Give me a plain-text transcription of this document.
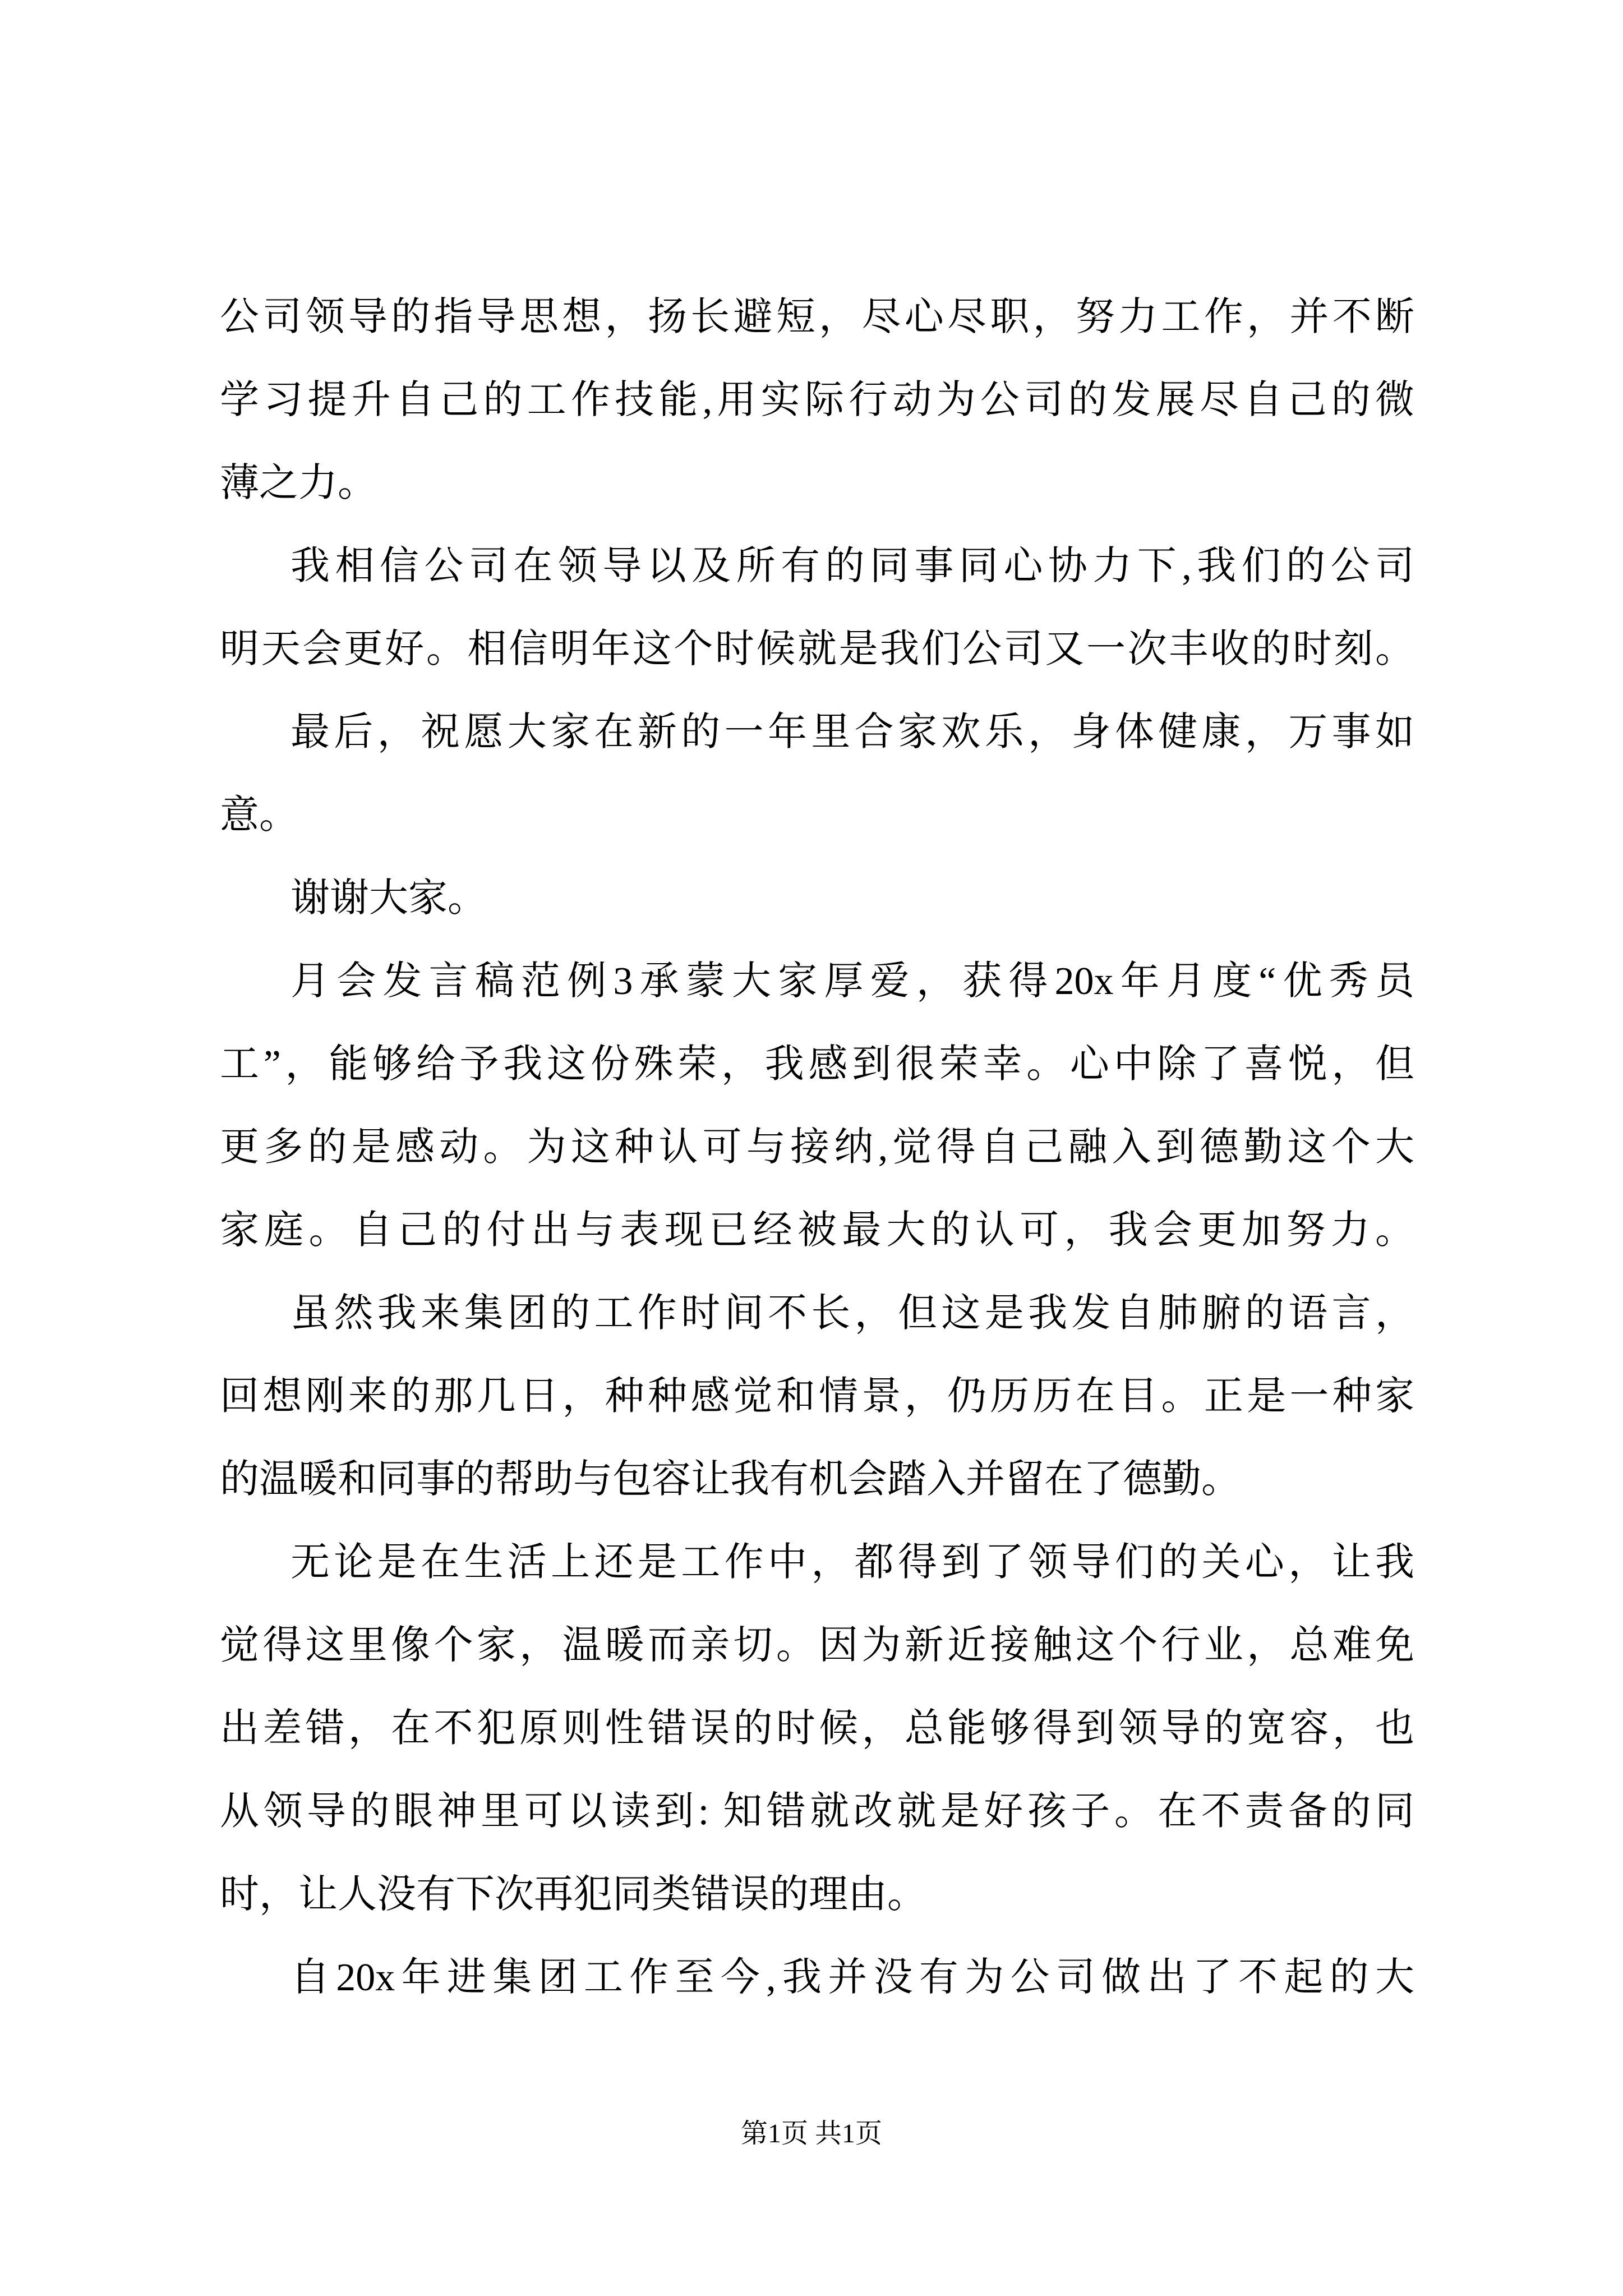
公司领导的指导思想，扬长避短，尽心尽职，努力工作，并不断
学习提升自己的工作技能,用实际行动为公司的发展尽自己的微
薄之力。
我相信公司在领导以及所有的同事同心协力下,我们的公司
明天会更好。相信明年这个时候就是我们公司又一次丰收的时刻。
最后，祝愿大家在新的一年里合家欢乐，身体健康，万事如
意。
谢谢大家。
月会发言稿范例3承蒙大家厚爱，获得20x年月度“优秀员
工”，能够给予我这份殊荣，我感到很荣幸。心中除了喜悦，但
更多的是感动。为这种认可与接纳,觉得自己融入到德勤这个大
家庭。自己的付出与表现已经被最大的认可，我会更加努力。
虽然我来集团的工作时间不长，但这是我发自肺腑的语言，
回想刚来的那几日，种种感觉和情景，仍历历在目。正是一种家
的温暖和同事的帮助与包容让我有机会踏入并留在了德勤。
无论是在生活上还是工作中，都得到了领导们的关心，让我
觉得这里像个家，温暖而亲切。因为新近接触这个行业，总难免
出差错，在不犯原则性错误的时候，总能够得到领导的宽容，也
从领导的眼神里可以读到: 知错就改就是好孩子。在不责备的同
时，让人没有下次再犯同类错误的理由。
自20x年进集团工作至今,我并没有为公司做出了不起的大
第1页 共1页
